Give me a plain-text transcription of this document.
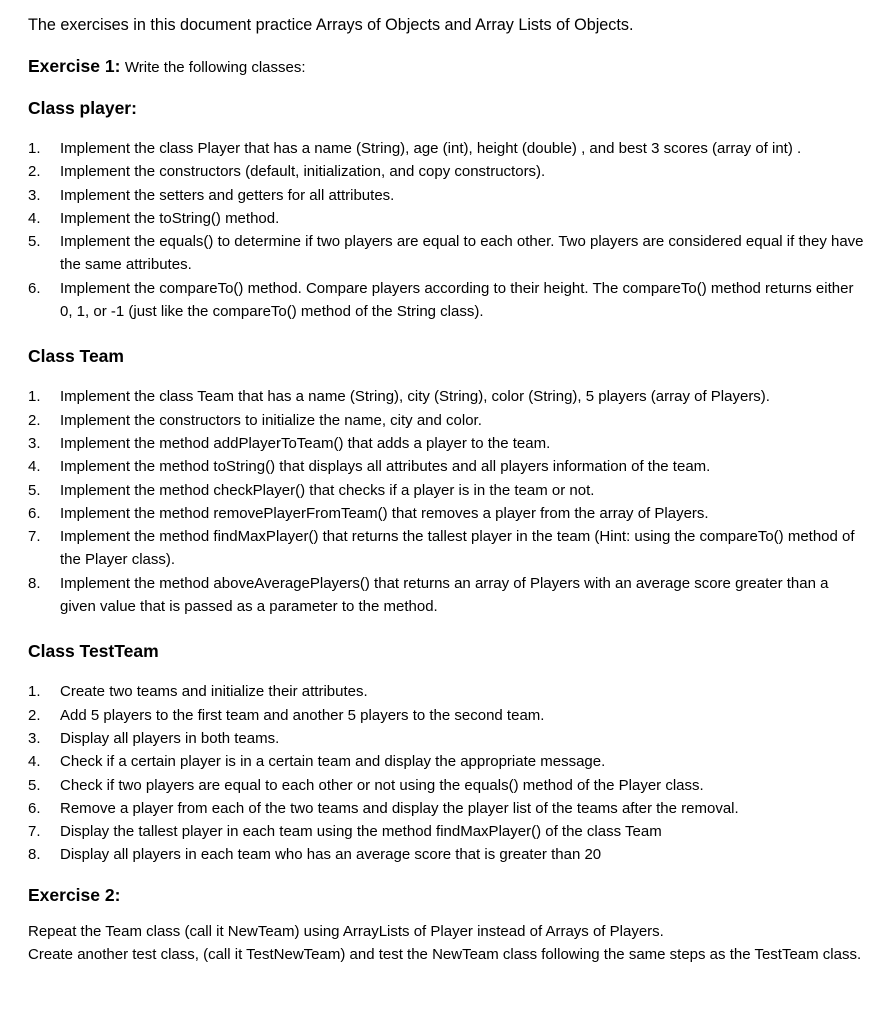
The exercises in this document practice Arrays of Objects and Array Lists of Objects.

Exercise 1: Write the following classes:

Class player:

1. Implement the class Player that has a name (String), age (int), height (double) , and best 3 scores (array of int) .
2. Implement the constructors (default, initialization, and copy constructors).
3. Implement the setters and getters for all attributes.
4. Implement the toString() method.
5. Implement the equals() to determine if two players are equal to each other. Two players are considered equal if they have the same attributes.
6. Implement the compareTo() method. Compare players according to their height. The compareTo() method returns either 0, 1, or -1 (just like the compareTo() method of the String class).

Class Team

1. Implement the class Team that has a name (String), city (String), color (String), 5 players (array of Players).
2. Implement the constructors to initialize the name, city and color.
3. Implement the method addPlayerToTeam() that adds a player to the team.
4. Implement the method toString() that displays all attributes and all players information of the team.
5. Implement the method checkPlayer() that checks if a player is in the team or not.
6. Implement the method removePlayerFromTeam() that removes a player from the array of Players.
7. Implement the method findMaxPlayer() that returns the tallest player in the team (Hint: using the compareTo() method of the Player class).
8. Implement the method aboveAveragePlayers() that returns an array of Players with an average score greater than a given value that is passed as a parameter to the method.

Class TestTeam

1. Create two teams and initialize their attributes.
2. Add 5 players to the first team and another 5 players to the second team.
3. Display all players in both teams.
4. Check if a certain player is in a certain team and display the appropriate message.
5. Check if two players are equal to each other or not using the equals() method of the Player class.
6. Remove a player from each of the two teams and display the player list of the teams after the removal.
7. Display the tallest player in each team using the method findMaxPlayer() of the class Team
8. Display all players in each team who has an average score that is greater than 20

Exercise 2:

Repeat the Team class (call it NewTeam) using ArrayLists of Player instead of Arrays of Players.

Create another test class, (call it TestNewTeam) and test the NewTeam class following the same steps as the TestTeam class.
